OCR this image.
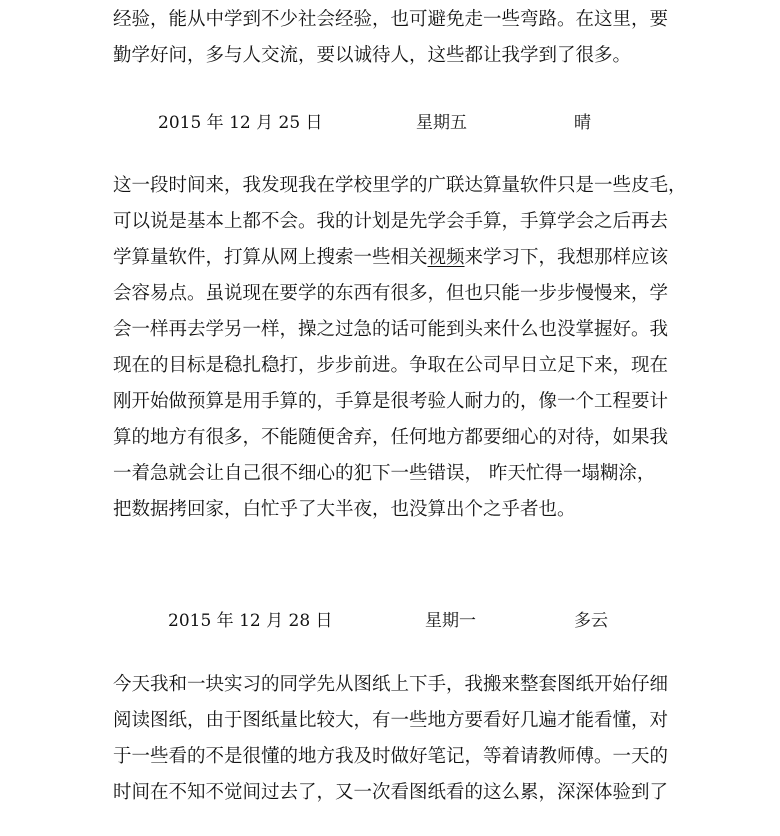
经验，能从中学到不少社会经验，也可避免走一些弯路。在这里，要
勤学好问，多与人交流，要以诚待人，这些都让我学到了很多。
2015 年 12 月 25 日	星期五	晴
这一段时间来，我发现我在学校里学的广联达算量软件只是一些皮毛，
可以说是基本上都不会。我的计划是先学会手算，手算学会之后再去
学算量软件，打算从网上搜索一些相关视频来学习下，我想那样应该
会容易点。虽说现在要学的东西有很多，但也只能一步步慢慢来，学
会一样再去学另一样，操之过急的话可能到头来什么也没掌握好。我
现在的目标是稳扎稳打，步步前进。争取在公司早日立足下来，现在
刚开始做预算是用手算的，手算是很考验人耐力的，像一个工程要计
算的地方有很多，不能随便舍弃，任何地方都要细心的对待，如果我
一着急就会让自己很不细心的犯下一些错误， 昨天忙得一塌糊涂，
把数据拷回家，白忙乎了大半夜，也没算出个之乎者也。
2015 年 12 月 28 日	星期一	多云
今天我和一块实习的同学先从图纸上下手，我搬来整套图纸开始仔细
阅读图纸，由于图纸量比较大，有一些地方要看好几遍才能看懂，对
于一些看的不是很懂的地方我及时做好笔记，等着请教师傅。一天的
时间在不知不觉间过去了，又一次看图纸看的这么累，深深体验到了
